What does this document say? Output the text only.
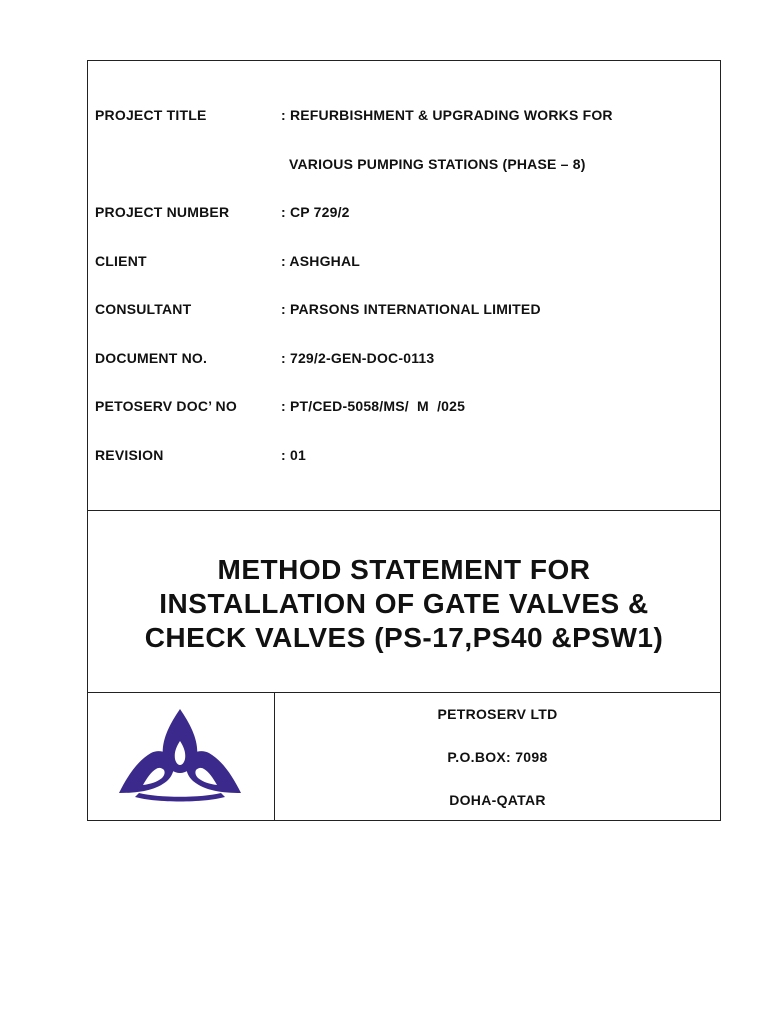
PROJECT TITLE	: REFURBISHMENT & UPGRADING WORKS FOR
VARIOUS PUMPING STATIONS (PHASE – 8)
PROJECT NUMBER	: CP 729/2
CLIENT	: ASHGHAL
CONSULTANT	: PARSONS INTERNATIONAL LIMITED
DOCUMENT NO.	: 729/2-GEN-DOC-0113
PETOSERV DOC’ NO	: PT/CED-5058/MS/  M  /025
REVISION	: 01
METHOD STATEMENT FOR
INSTALLATION OF GATE VALVES &
CHECK VALVES (PS-17,PS40 &PSW1)
PETROSERV LTD
P.O.BOX: 7098
DOHA-QATAR
